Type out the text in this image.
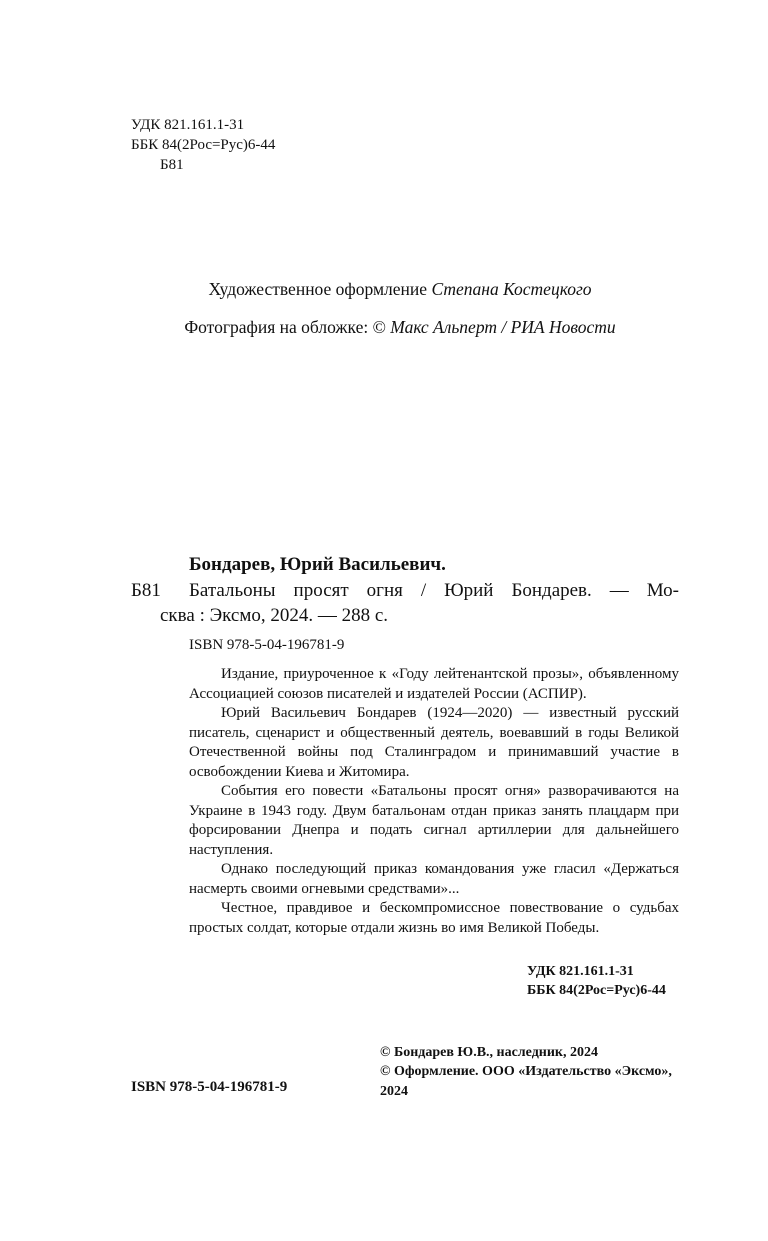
УДК 821.161.1-31
ББК 84(2Рос=Рус)6-44
Б81
Художественное оформление Степана Костецкого
Фотография на обложке: © Макс Альперт / РИА Новости
Бондарев, Юрий Васильевич.
Б81 Батальоны просят огня / Юрий Бондарев. — Мо-
сква : Эксмо, 2024. — 288 с.
ISBN 978-5-04-196781-9

Издание, приуроченное к «Году лейтенантской прозы», объявленному Ассоциацией союзов писателей и издателей России (АСПИР).

Юрий Васильевич Бондарев (1924—2020) — известный русский писатель, сценарист и общественный деятель, воевавший в годы Великой Отечественной войны под Сталинградом и принимавший участие в освобождении Киева и Житомира.

События его повести «Батальоны просят огня» разворачиваются на Украине в 1943 году. Двум батальонам отдан приказ занять плацдарм при форсировании Днепра и подать сигнал артиллерии для дальнейшего наступления.

Однако последующий приказ командования уже гласил «Держаться насмерть своими огневыми средствами»...

Честное, правдивое и бескомпромиссное повествование о судьбах простых солдат, которые отдали жизнь во имя Великой Победы.

УДК 821.161.1-31
ББК 84(2Рос=Рус)6-44
© Бондарев Ю.В., наследник, 2024
© Оформление. ООО «Издательство «Эксмо», 2024
ISBN 978-5-04-196781-9
